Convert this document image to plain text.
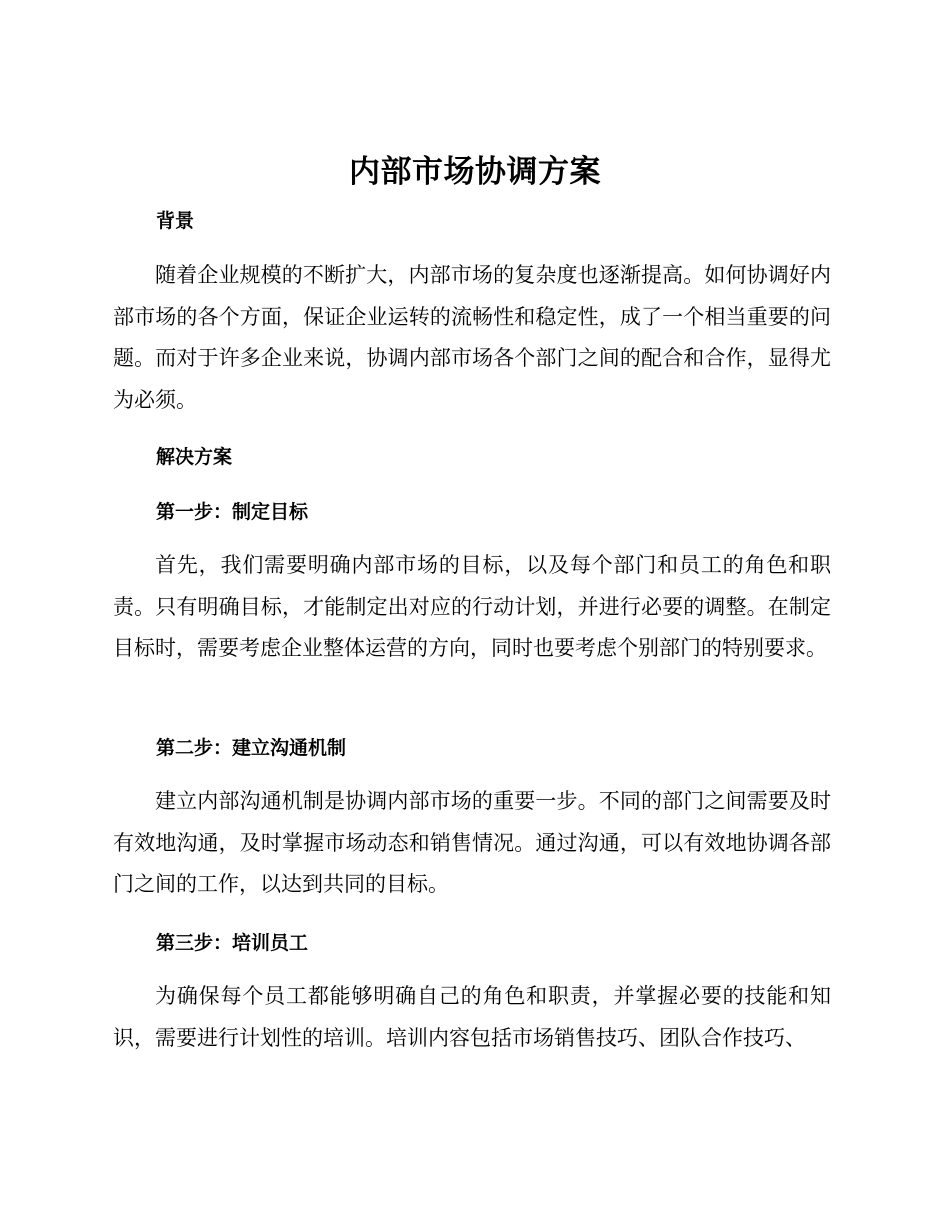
内部市场协调方案
背景

随着企业规模的不断扩大，内部市场的复杂度也逐渐提高。如何协调好内部市场的各个方面，保证企业运转的流畅性和稳定性，成了一个相当重要的问题。而对于许多企业来说，协调内部市场各个部门之间的配合和合作，显得尤为必须。

解决方案
第一步：制定目标

首先，我们需要明确内部市场的目标，以及每个部门和员工的角色和职责。只有明确目标，才能制定出对应的行动计划，并进行必要的调整。在制定目标时，需要考虑企业整体运营的方向，同时也要考虑个别部门的特别要求。

第二步：建立沟通机制

建立内部沟通机制是协调内部市场的重要一步。不同的部门之间需要及时有效地沟通，及时掌握市场动态和销售情况。通过沟通，可以有效地协调各部门之间的工作，以达到共同的目标。

第三步：培训员工

为确保每个员工都能够明确自己的角色和职责，并掌握必要的技能和知识，需要进行计划性的培训。培训内容包括市场销售技巧、团队合作技巧、
